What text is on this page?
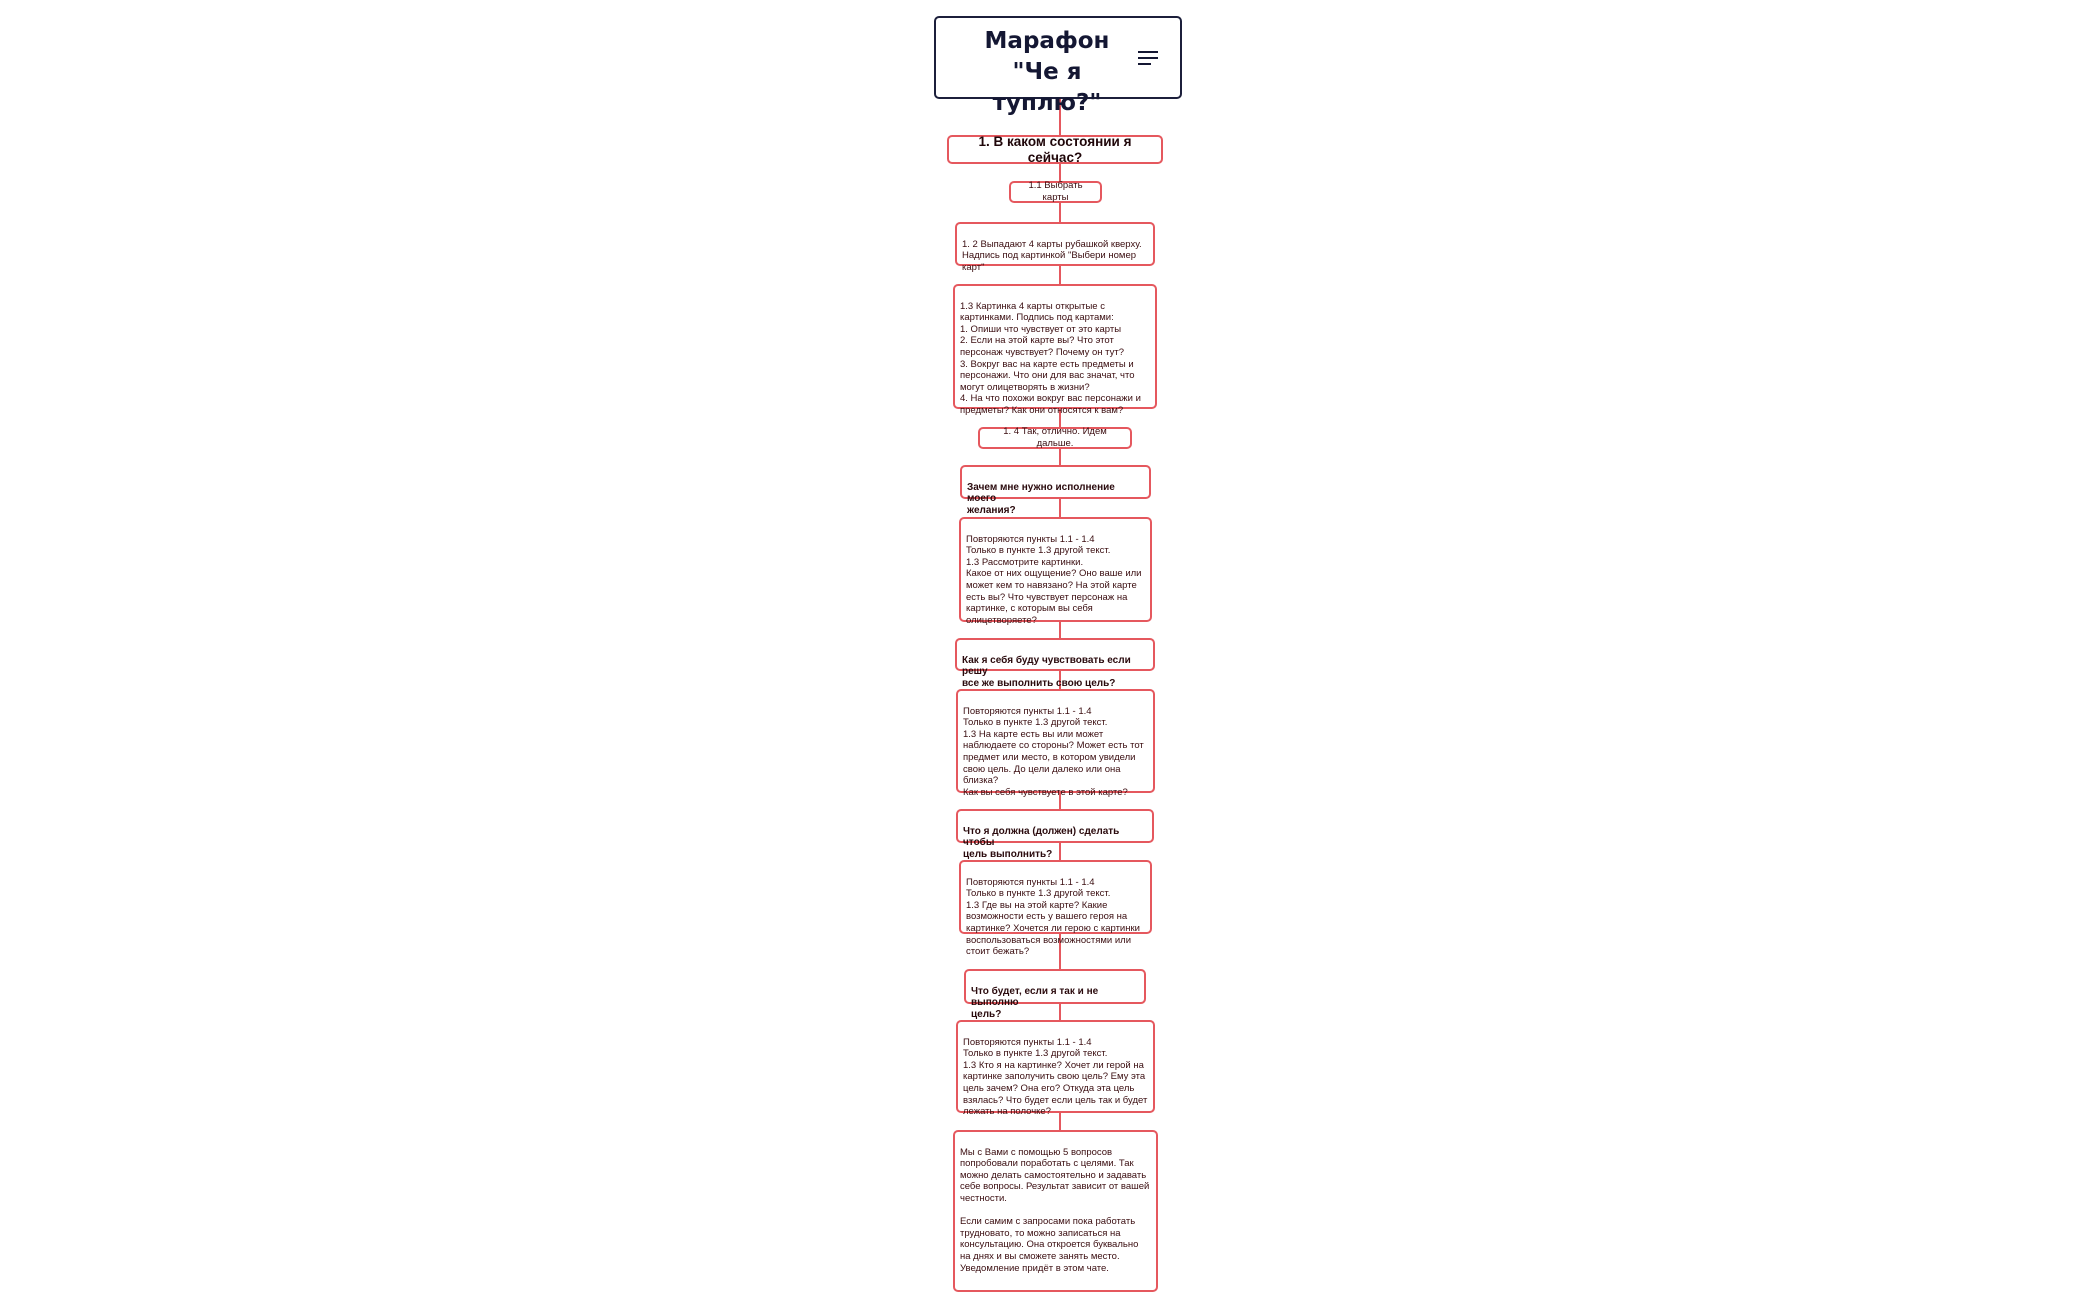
Марафон
"Че я туплю?"
1. В каком состоянии я сейчас?
1.1 Выбрать карты

1. 2 Выпадают 4 карты рубашкой кверху.
Надпись под картинкой "Выбери номер
карт"

1.3 Картинка 4 карты открытые с
картинками. Подпись под картами:
1. Опиши что чувствует от это карты
2. Если на этой карте вы? Что этот
персонаж чувствует? Почему он тут?
3. Вокруг вас на карте есть предметы и
персонажи. Что они для вас значат, что
могут олицетворять в жизни?
4. На что похожи вокруг вас персонажи и
предметы? Как они относятся к вам?

1. 4 Так, отлично. Идем дальше.

Зачем мне нужно исполнение моего
желания?

Повторяются пункты 1.1 - 1.4
Только в пункте 1.3 другой текст.
1.3 Рассмотрите картинки.
Какое от них ощущение? Оно ваше или
может кем то навязано? На этой карте
есть вы? Что чувствует персонаж на
картинке, с которым вы себя
олицетворяете?

Как я себя буду чувствовать если решу
все же выполнить свою цель?

Повторяются пункты 1.1 - 1.4
Только в пункте 1.3 другой текст.
1.3 На карте есть вы или может
наблюдаете со стороны? Может есть тот
предмет или место, в котором увидели
свою цель. До цели далеко или она
близка?
Как вы себя чувствуете в этой карте?

Что я должна (должен) сделать чтобы
цель выполнить?

Повторяются пункты 1.1 - 1.4
Только в пункте 1.3 другой текст.
1.3 Где вы на этой карте? Какие
возможности есть у вашего героя на
картинке? Хочется ли герою с картинки
воспользоваться возможностями или
стоит бежать?

Что будет, если я так и не выполню
цель?

Повторяются пункты 1.1 - 1.4
Только в пункте 1.3 другой текст.
1.3 Кто я на картинке? Хочет ли герой на
картинке заполучить свою цель? Ему эта
цель зачем? Она его? Откуда эта цель
взялась? Что будет если цель так и будет
лежать на полочке?

Мы с Вами с помощью 5 вопросов
попробовали поработать с целями. Так
можно делать самостоятельно и задавать
себе вопросы. Результат зависит от вашей
честности.

Если самим с запросами пока работать
трудновато, то можно записаться на
консультацию. Она откроется буквально
на днях и вы сможете занять место.
Уведомление придёт в этом чате.
